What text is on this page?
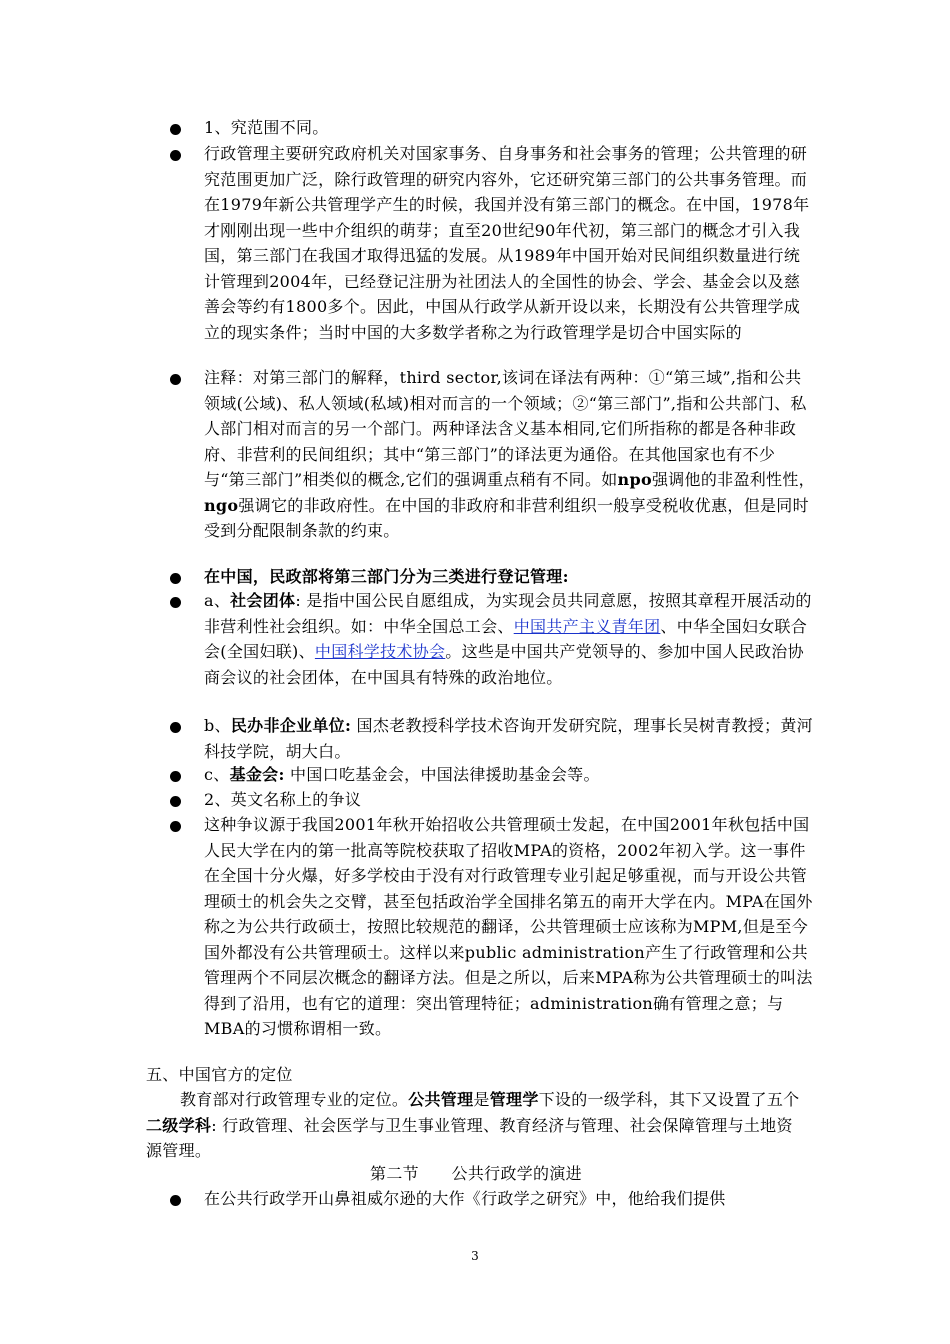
1、究范围不同。
行政管理主要研究政府机关对国家事务、自身事务和社会事务的管理；公共管理的研究范围更加广泛，除行政管理的研究内容外，它还研究第三部门的公共事务管理。而在1979年新公共管理学产生的时候，我国并没有第三部门的概念。在中国，1978年才刚刚出现一些中介组织的萌芽；直至20世纪90年代初，第三部门的概念才引入我国，第三部门在我国才取得迅猛的发展。从1989年中国开始对民间组织数量进行统计管理到2004年，已经登记注册为社团法人的全国性的协会、学会、基金会以及慈善会等约有1800多个。因此，中国从行政学从新开设以来，长期没有公共管理学成立的现实条件；当时中国的大多数学者称之为行政管理学是切合中国实际的
注释：对第三部门的解释，third sector,该词在译法有两种：①“第三域”,指和公共领域(公域)、私人领域(私域)相对而言的一个领域；②“第三部门”,指和公共部门、私人部门相对而言的另一个部门。两种译法含义基本相同,它们所指称的都是各种非政府、非营利的民间组织；其中“第三部门”的译法更为通俗。在其他国家也有不少与“第三部门”相类似的概念,它们的强调重点稍有不同。如npo强调他的非盈利性性，ngo强调它的非政府性。在中国的非政府和非营利组织一般享受税收优惠，但是同时受到分配限制条款的约束。
在中国，民政部将第三部门分为三类进行登记管理:
a、社会团体: 是指中国公民自愿组成，为实现会员共同意愿，按照其章程开展活动的非营利性社会组织。如：中华全国总工会、中国共产主义青年团、中华全国妇女联合会(全国妇联)、中国科学技术协会。这些是中国共产党领导的、参加中国人民政治协商会议的社会团体，在中国具有特殊的政治地位。
b、民办非企业单位: 国杰老教授科学技术咨询开发研究院，理事长吴树青教授；黄河科技学院，胡大白。
c、基金会: 中国口吃基金会，中国法律援助基金会等。
2、英文名称上的争议
这种争议源于我国2001年秋开始招收公共管理硕士发起，在中国2001年秋包括中国人民大学在内的第一批高等院校获取了招收MPA的资格，2002年初入学。这一事件在全国十分火爆，好多学校由于没有对行政管理专业引起足够重视，而与开设公共管理硕士的机会失之交臂，甚至包括政治学全国排名第五的南开大学在内。MPA在国外称之为公共行政硕士，按照比较规范的翻译，公共管理硕士应该称为MPM,但是至今国外都没有公共管理硕士。这样以来public administration产生了行政管理和公共管理两个不同层次概念的翻译方法。但是之所以，后来MPA称为公共管理硕士的叫法得到了沿用，也有它的道理：突出管理特征；administration确有管理之意；与MBA的习惯称谓相一致。
五、中国官方的定位
教育部对行政管理专业的定位。公共管理是管理学下设的一级学科，其下又设置了五个二级学科: 行政管理、社会医学与卫生事业管理、教育经济与管理、社会保障管理与土地资源管理。
第二节　　公共行政学的演进
在公共行政学开山鼻祖威尔逊的大作《行政学之研究》中，他给我们提供
3
